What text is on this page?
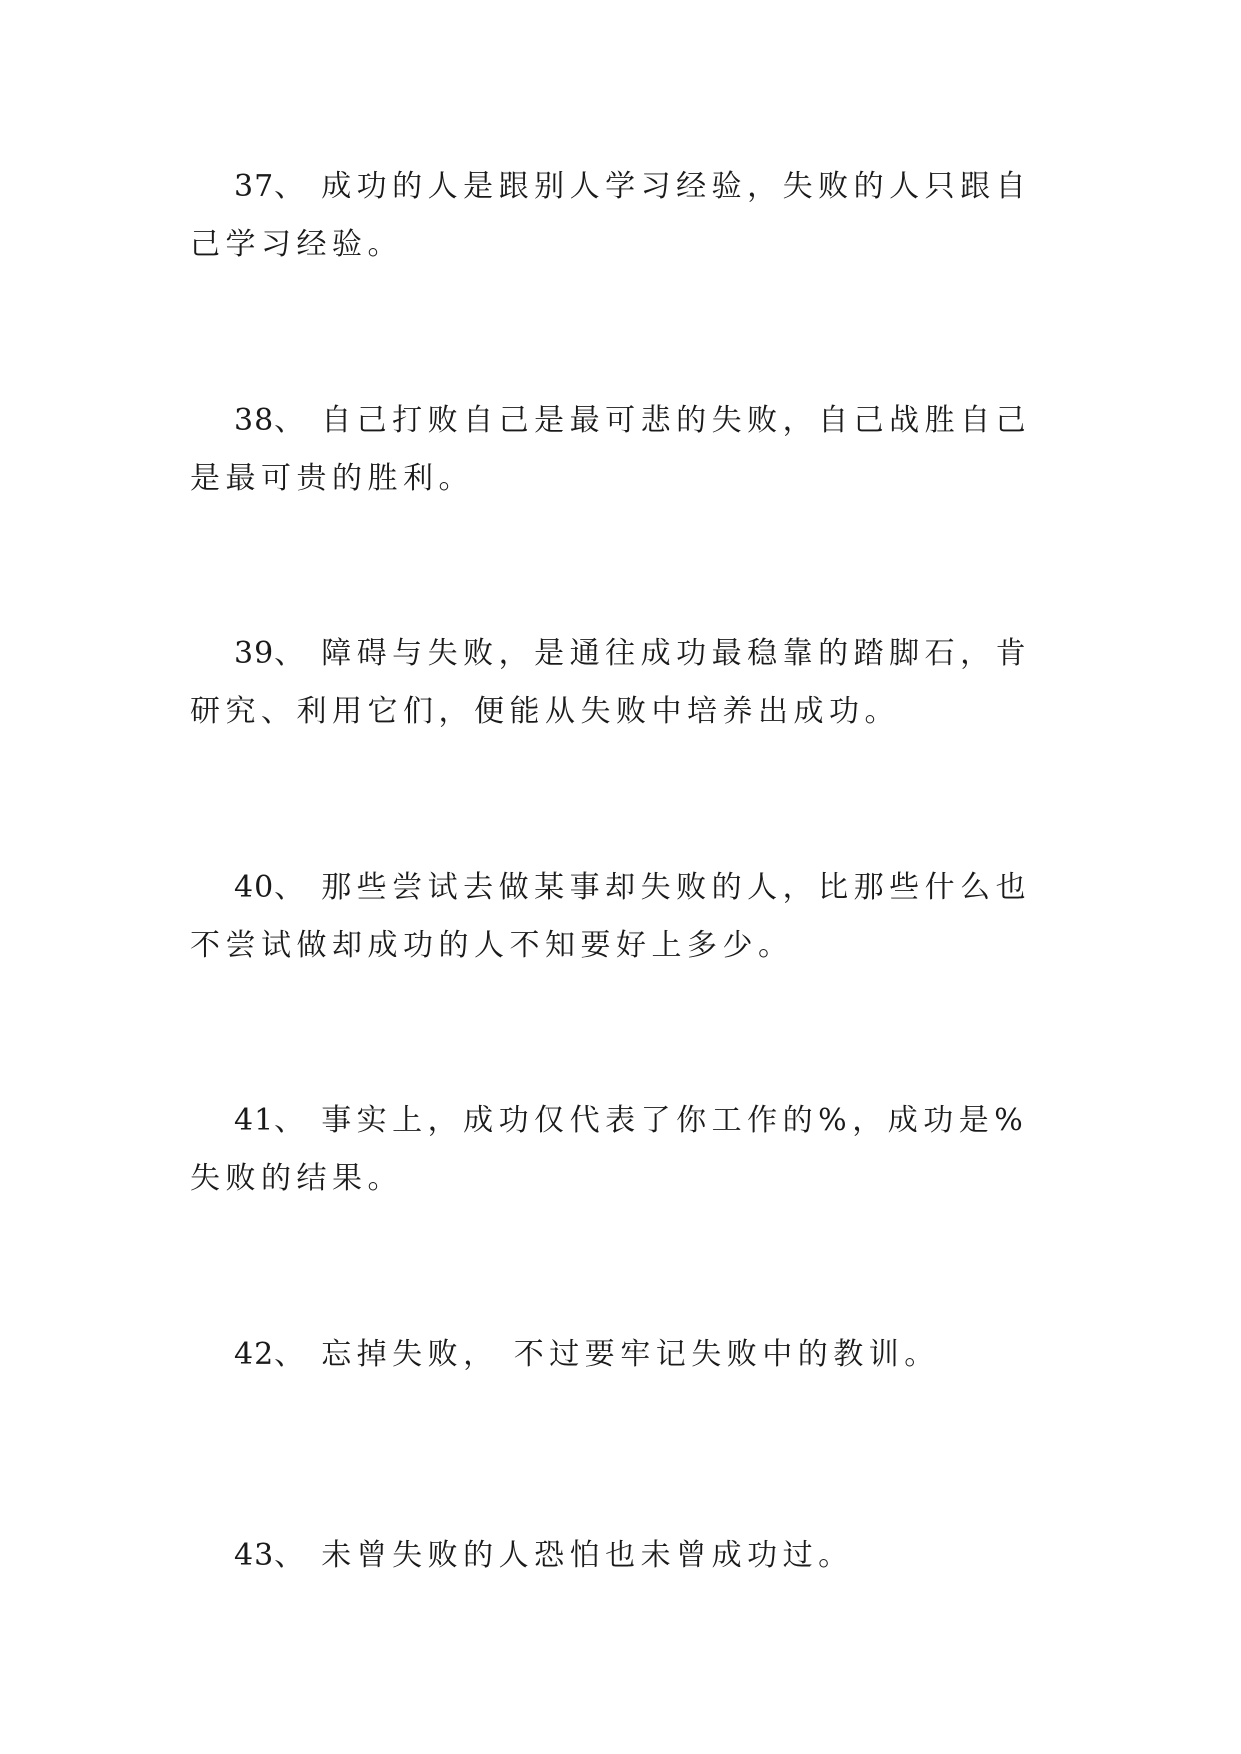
37、 成功的人是跟别人学习经验，失败的人只跟自己学习经验。

38、 自己打败自己是最可悲的失败，自己战胜自己是最可贵的胜利。

39、 障碍与失败，是通往成功最稳靠的踏脚石，肯研究、利用它们，便能从失败中培养出成功。

40、 那些尝试去做某事却失败的人，比那些什么也不尝试做却成功的人不知要好上多少。

41、 事实上，成功仅代表了你工作的%，成功是%失败的结果。

42、 忘掉失败， 不过要牢记失败中的教训。

43、 未曾失败的人恐怕也未曾成功过。
